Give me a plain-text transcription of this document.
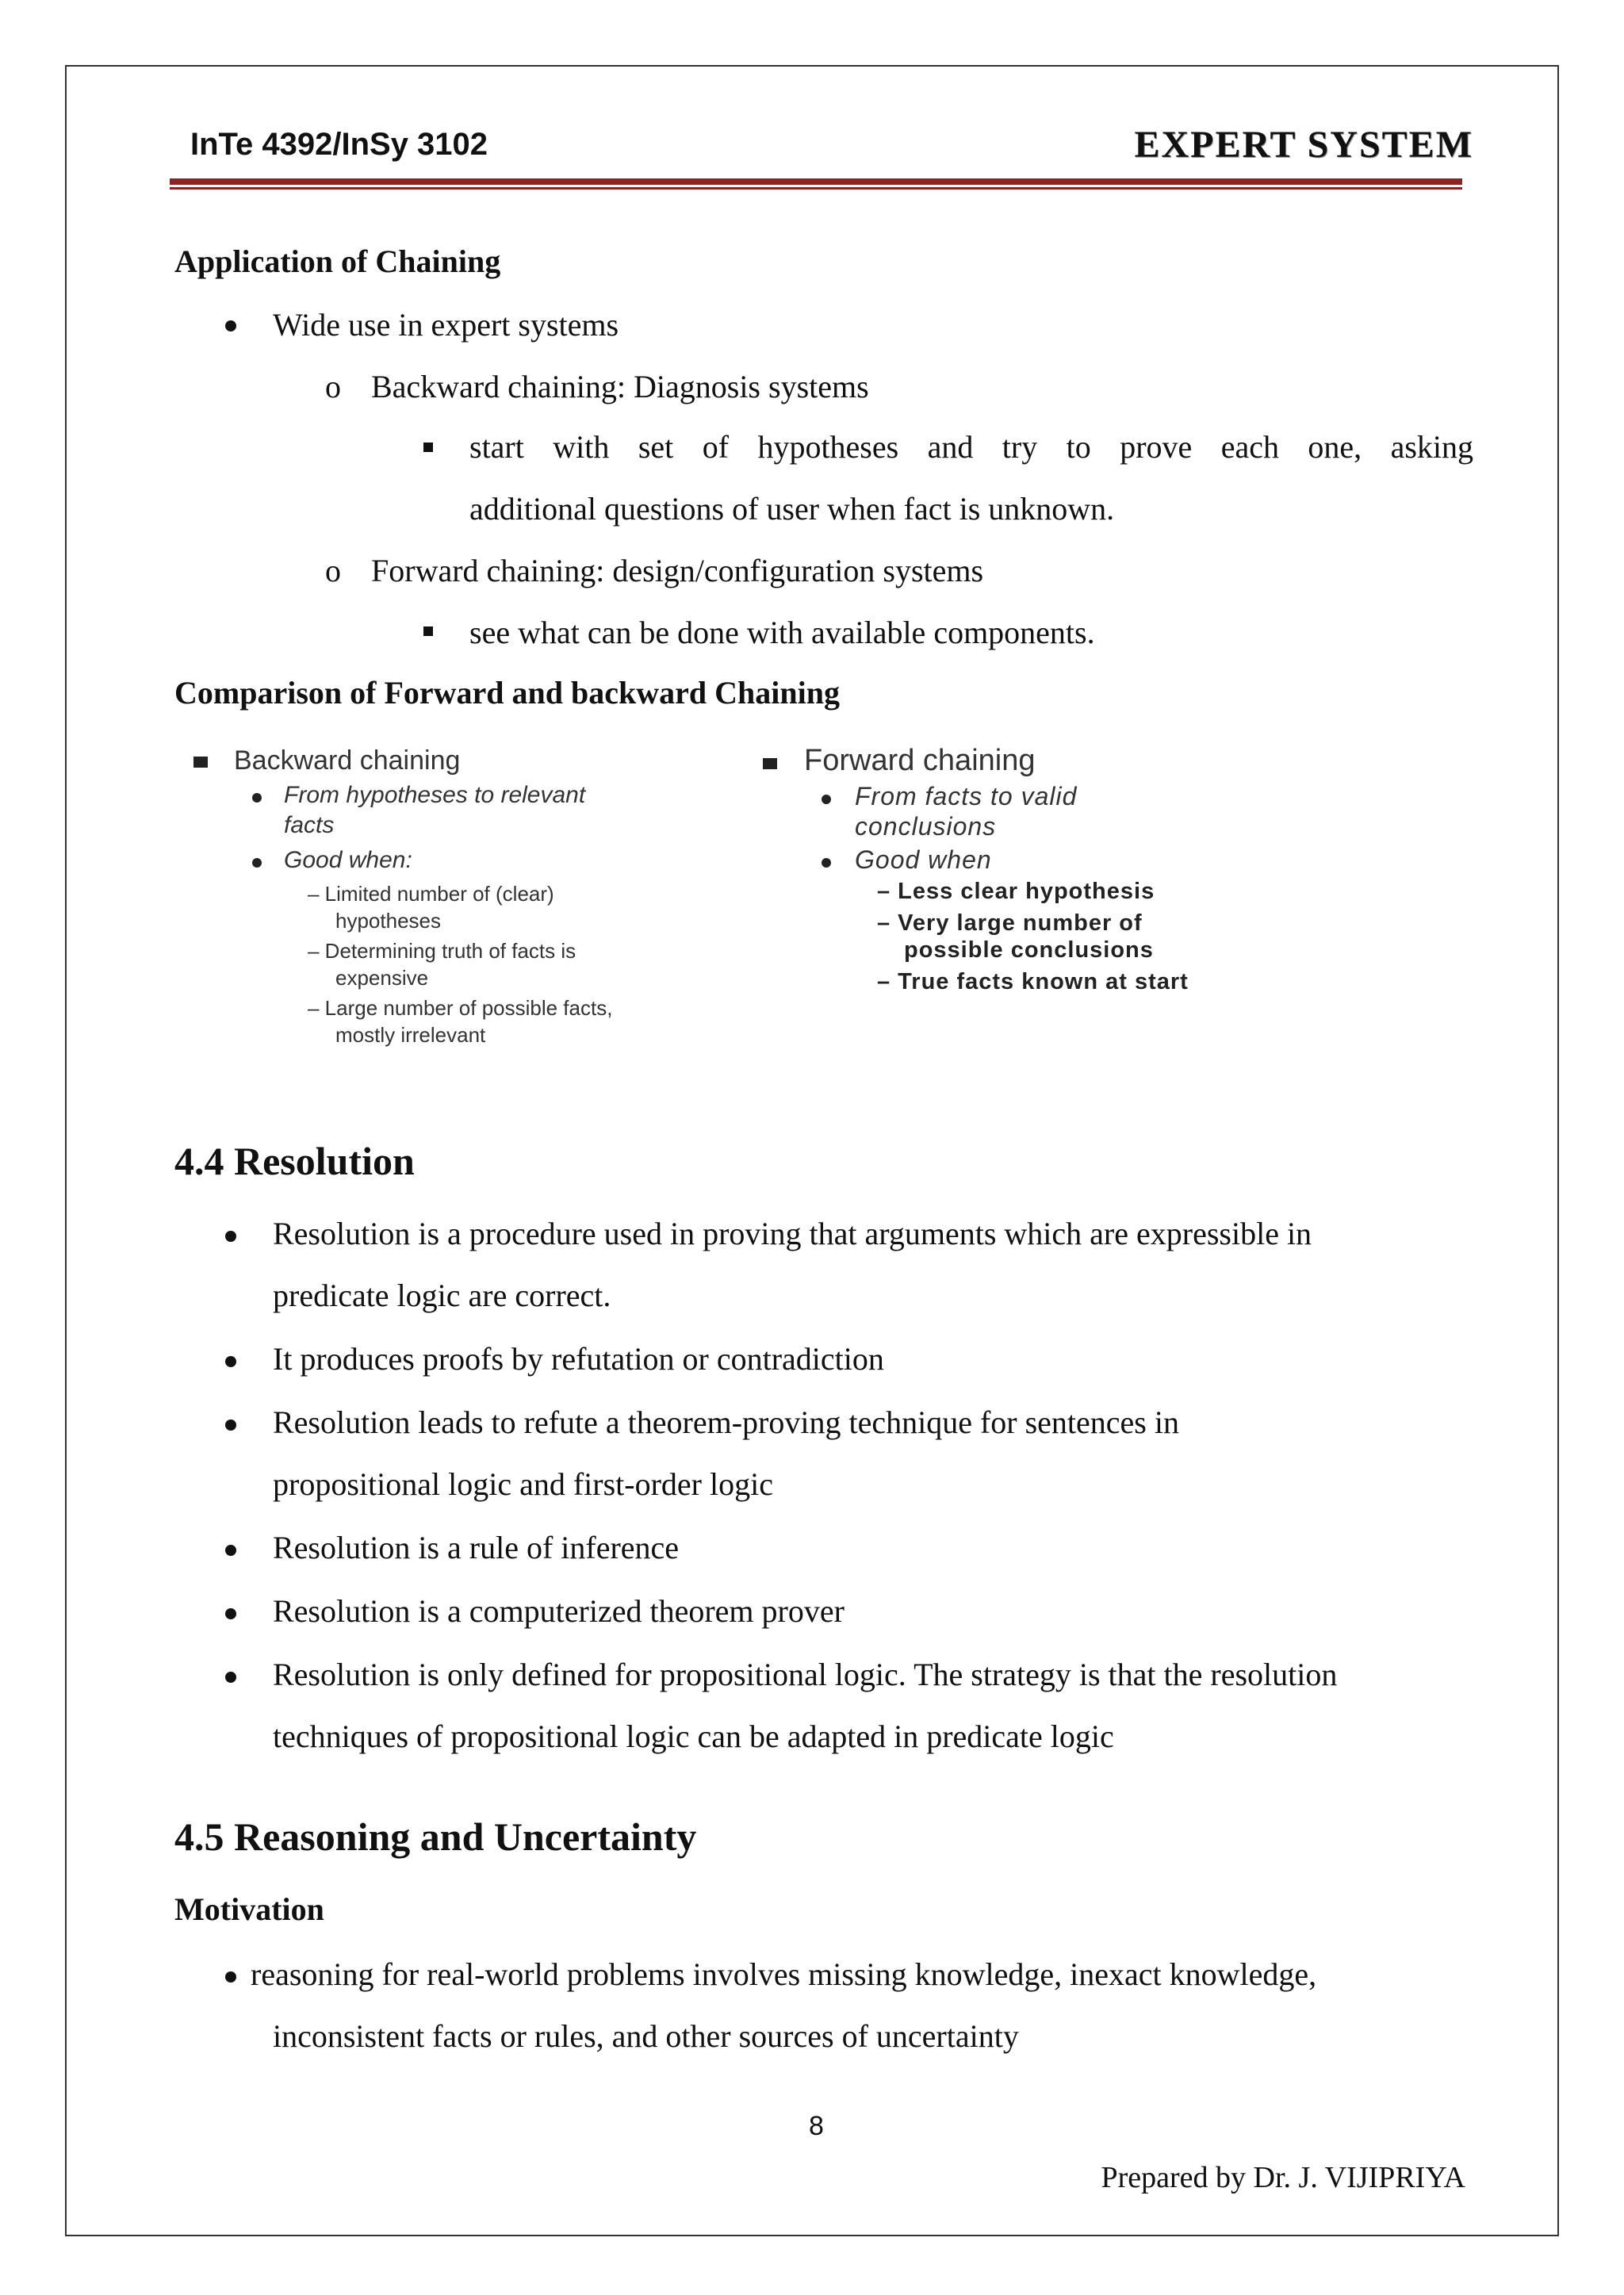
InTe 4392/InSy 3102	EXPERT SYSTEM
Application of Chaining
Wide use in expert systems
o Backward chaining: Diagnosis systems
start with set of hypotheses and try to prove each one, asking
additional questions of user when fact is unknown.
o Forward chaining: design/configuration systems
see what can be done with available components.
Comparison of Forward and backward Chaining
Backward chaining
From hypotheses to relevant
facts
Good when:
– Limited number of (clear)
hypotheses
– Determining truth of facts is
expensive
– Large number of possible facts,
mostly irrelevant
Forward chaining
From facts to valid
conclusions
Good when
– Less clear hypothesis
– Very large number of
possible conclusions
– True facts known at start
4.4 Resolution
Resolution is a procedure used in proving that arguments which are expressible in
predicate logic are correct.
It produces proofs by refutation or contradiction
Resolution leads to refute a theorem-proving technique for sentences in
propositional logic and first-order logic
Resolution is a rule of inference
Resolution is a computerized theorem prover
Resolution is only defined for propositional logic. The strategy is that the resolution
techniques of propositional logic can be adapted in predicate logic
4.5 Reasoning and Uncertainty
Motivation
reasoning for real-world problems involves missing knowledge, inexact knowledge,
inconsistent facts or rules, and other sources of uncertainty
8
Prepared by Dr. J. VIJIPRIYA
